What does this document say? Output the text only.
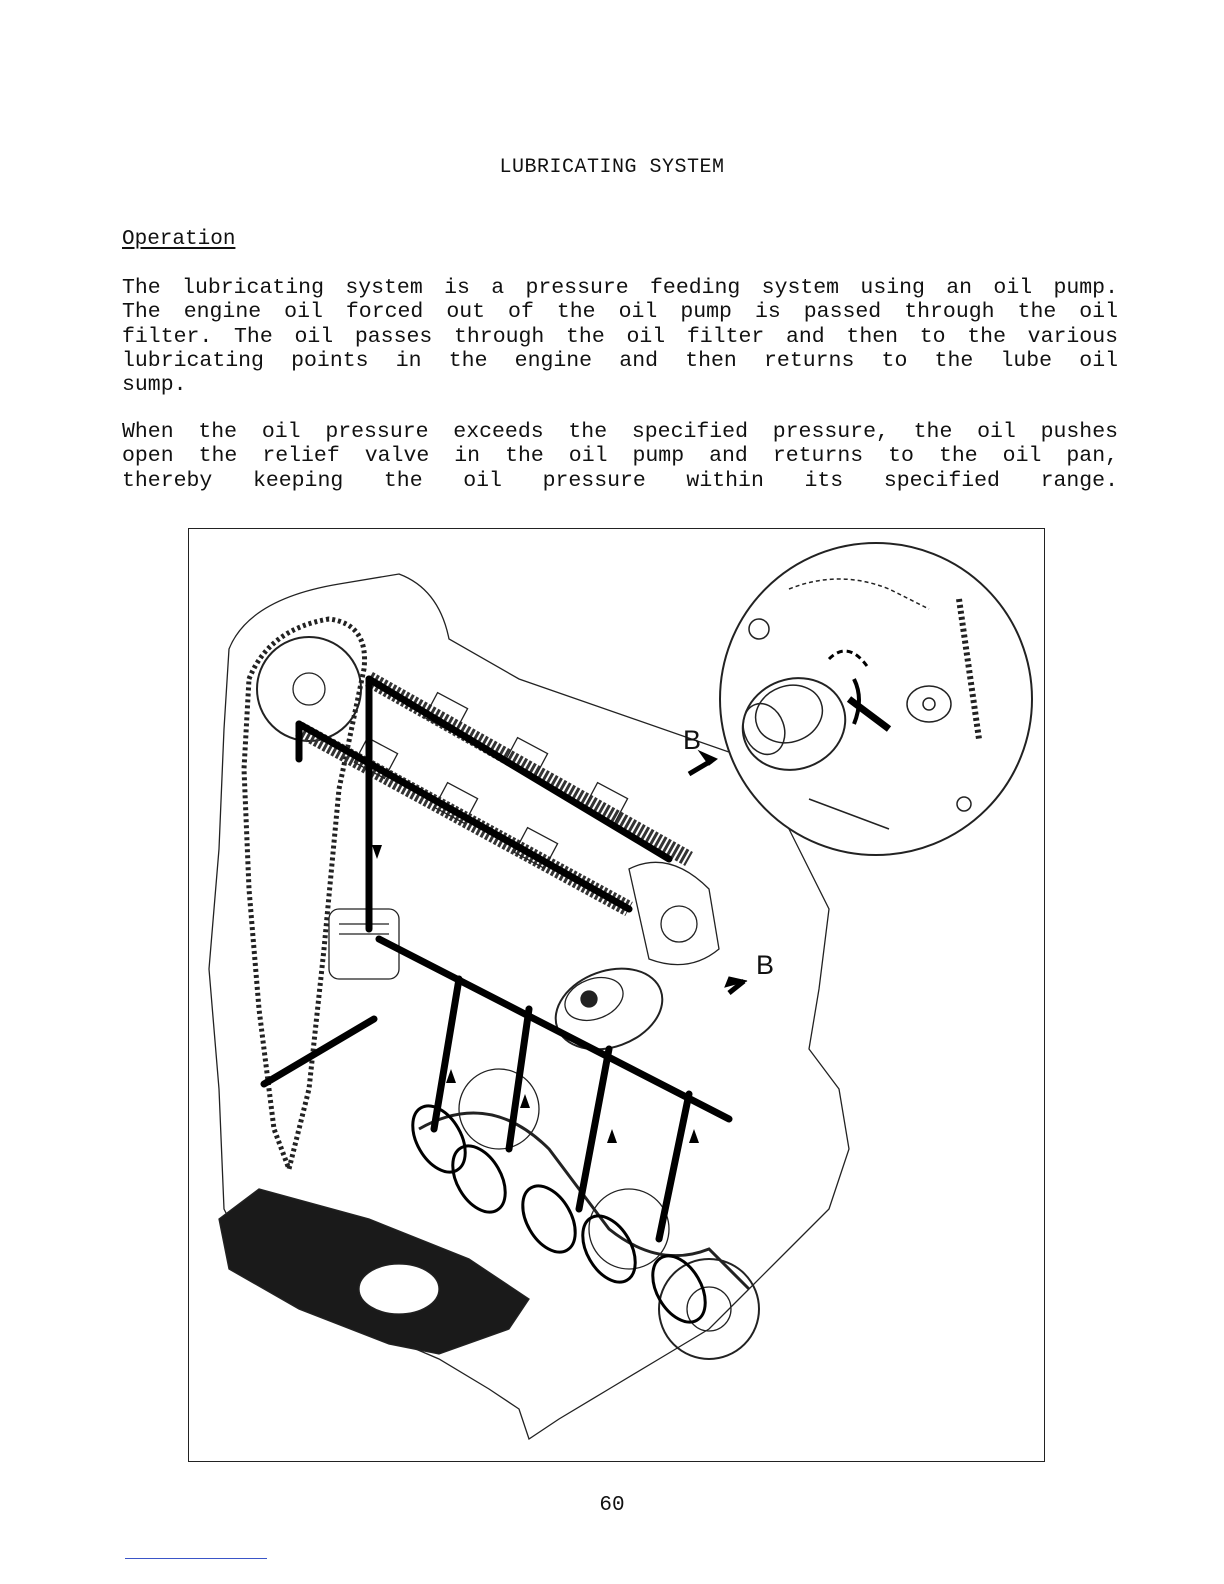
LUBRICATING SYSTEM
Operation
The lubricating system is a pressure feeding system using an oil pump.
The engine oil forced out of the oil pump is passed through the oil
filter. The oil passes through the oil filter and then to the various
lubricating points in the engine and then returns to the lube oil
sump.
When the oil pressure exceeds the specified pressure, the oil pushes
open the relief valve in the oil pump and returns to the oil pan,
thereby keeping the oil pressure within its specified range.
B
B
60
